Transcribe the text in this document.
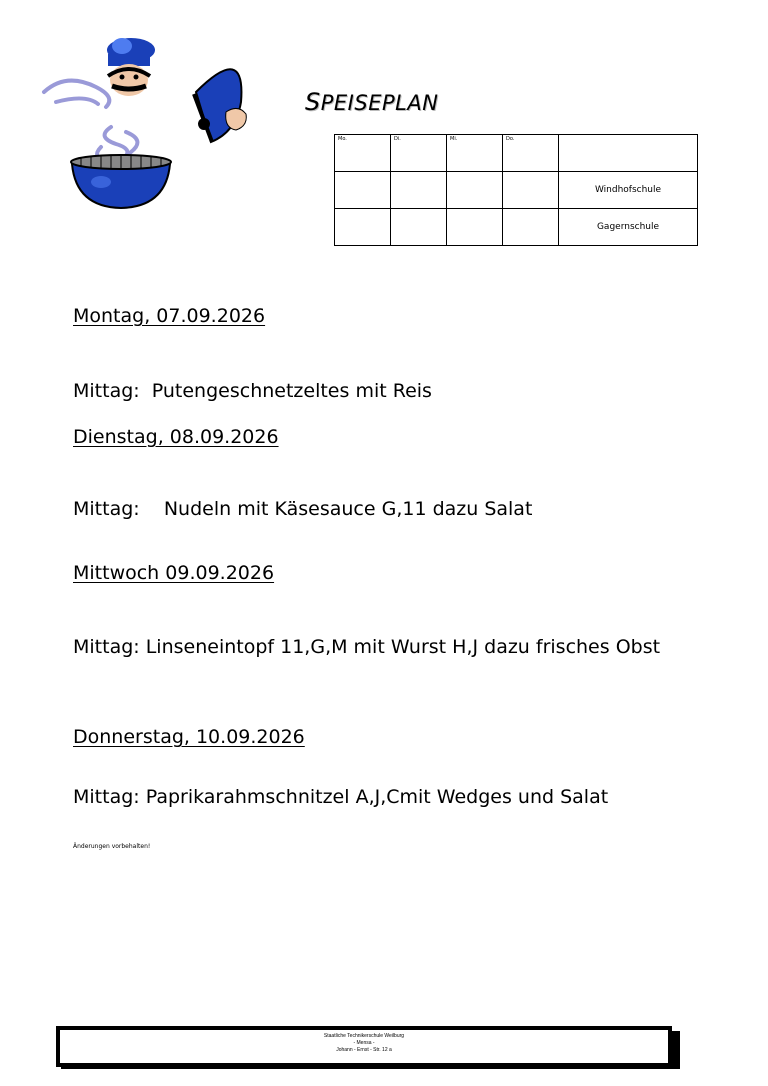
SPEISEPLAN
Mo.	Di.	Mi.	Do.	
				Windhofschule
				Gagernschule
Montag, 07.09.2026
Mittag:  Putengeschnetzeltes mit Reis
Dienstag, 08.09.2026
Mittag:    Nudeln mit Käsesauce G,11 dazu Salat
Mittwoch 09.09.2026
Mittag: Linseneintopf 11,G,M mit Wurst H,J dazu frisches Obst
Donnerstag, 10.09.2026
Mittag: Paprikarahmschnitzel A,J,Cmit Wedges und Salat
Änderungen vorbehalten!
Staatliche Technikerschule Weilburg
- Mensa -
Johann - Ernst - Str. 12 a
